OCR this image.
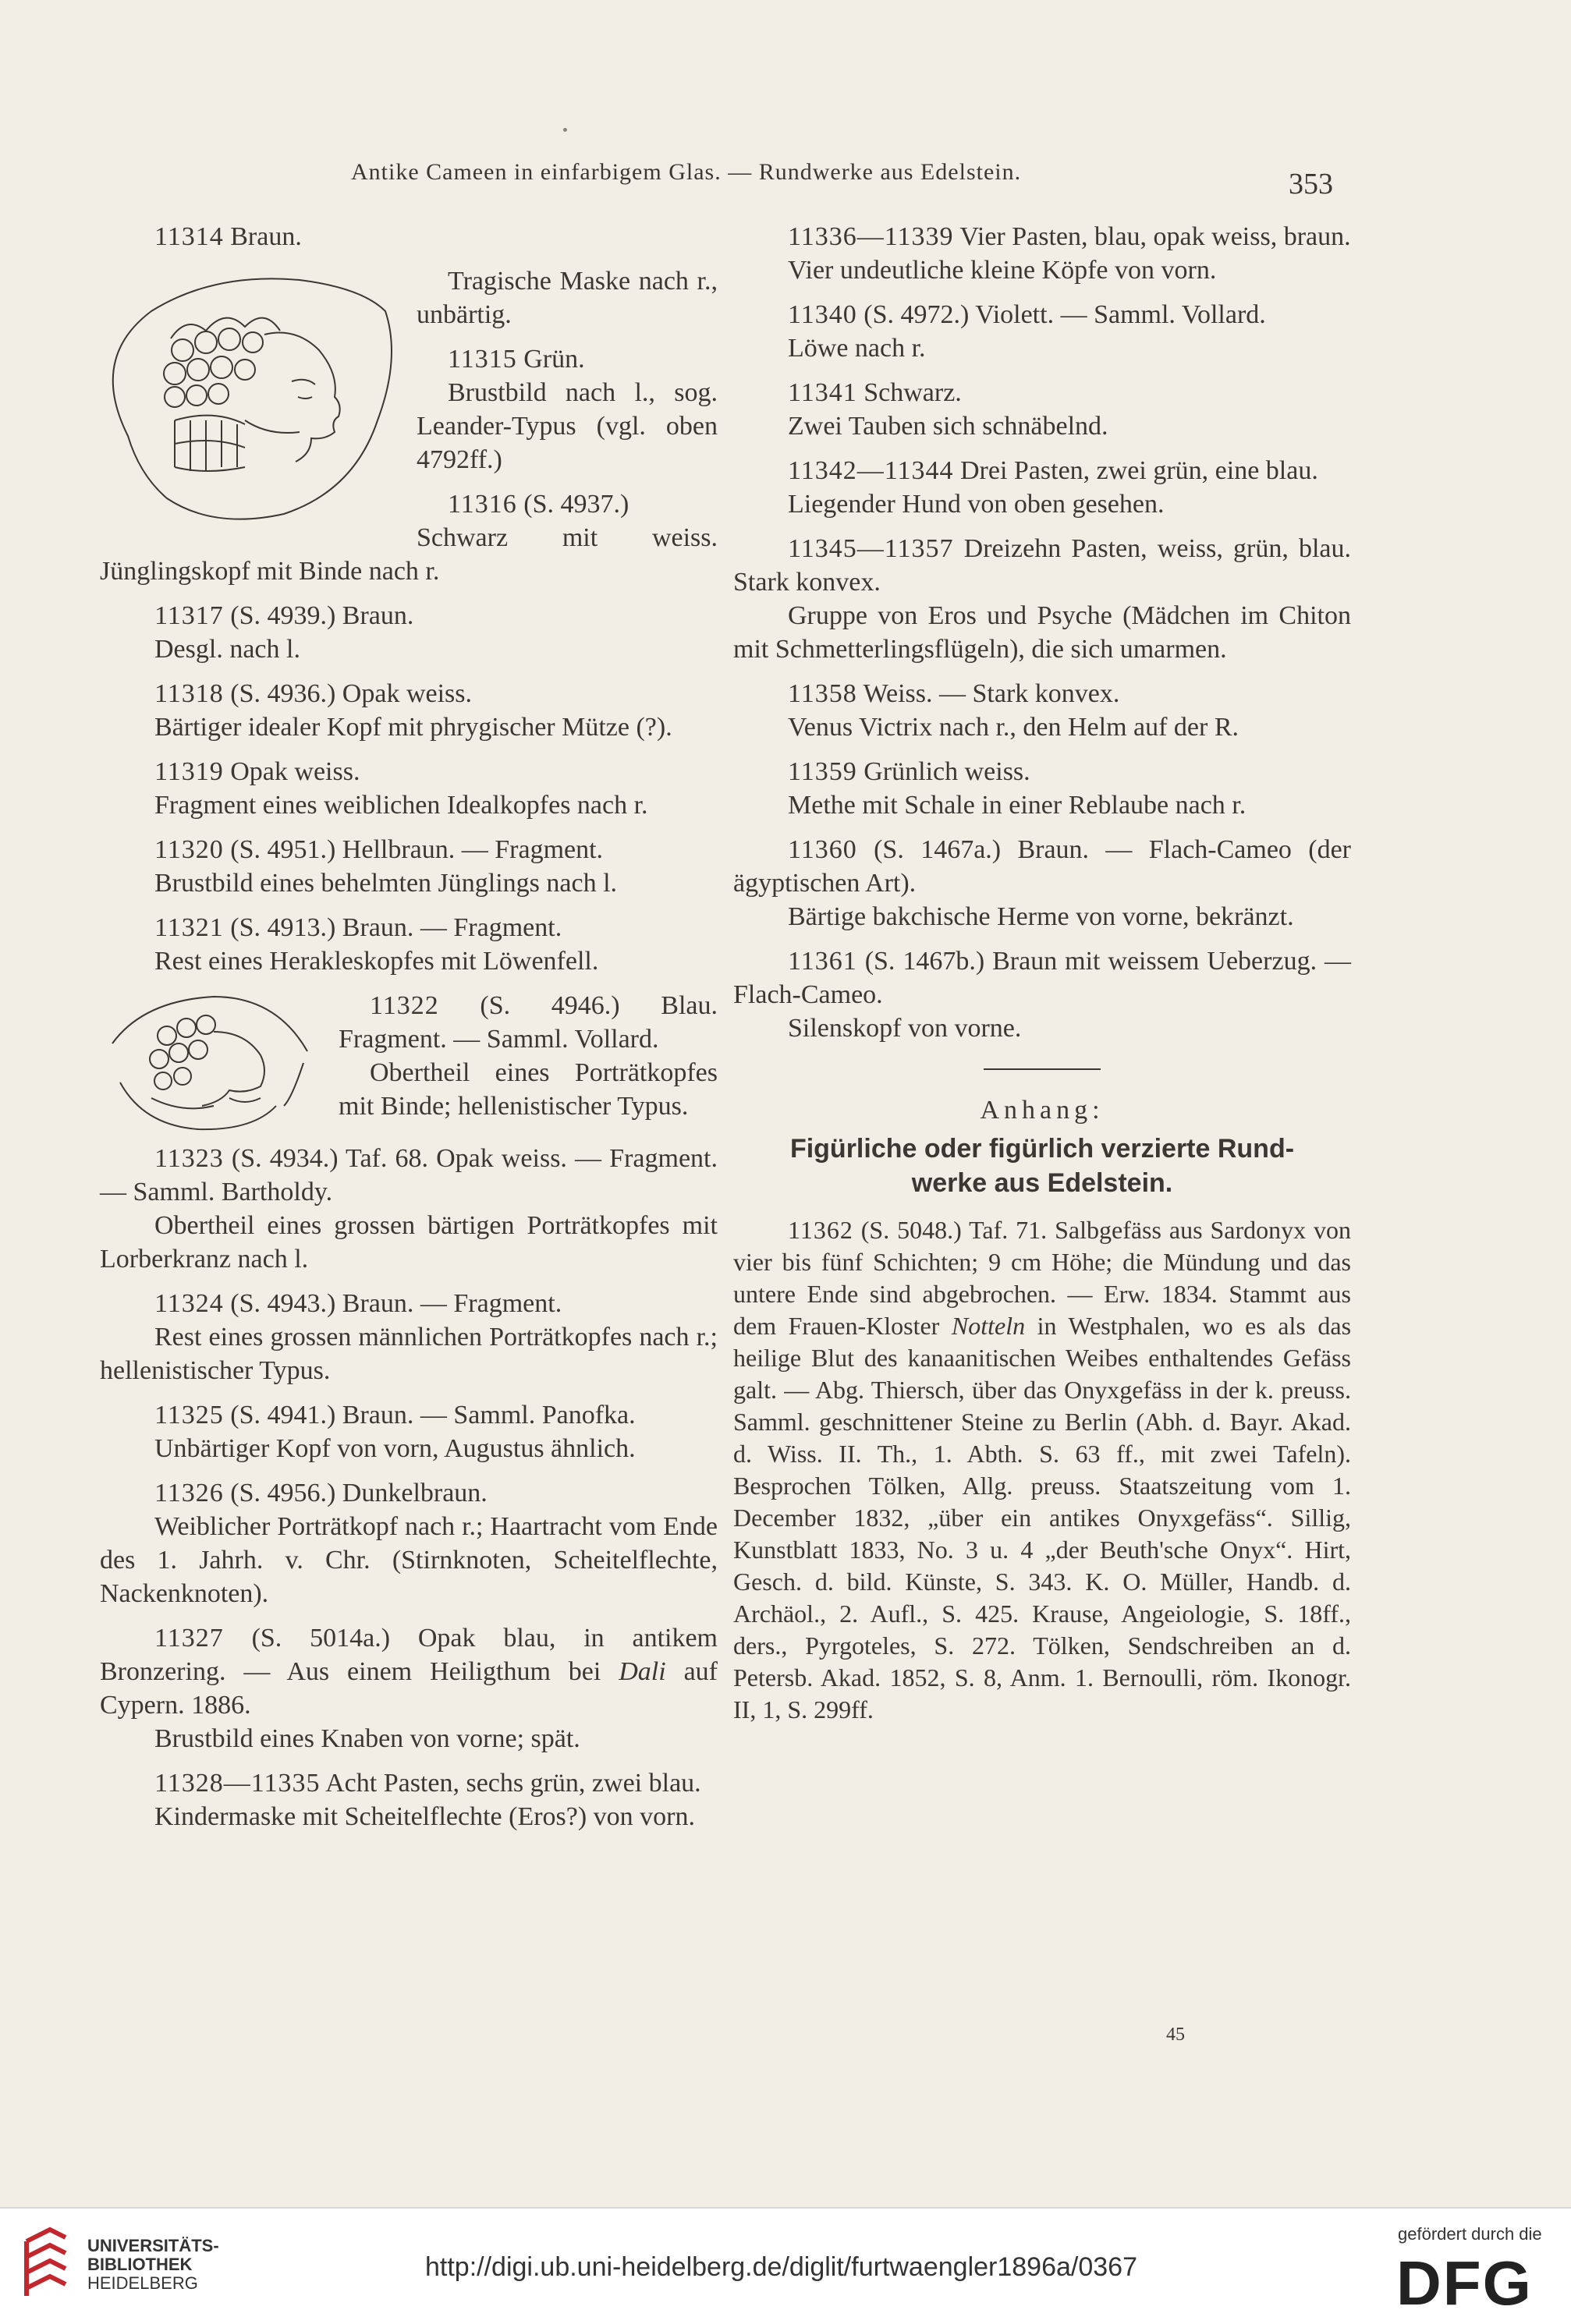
Antike Cameen in einfarbigem Glas. — Rundwerke aus Edelstein.	353

11314 Braun.

Tragische Maske nach r., unbärtig.

11315 Grün.

Brustbild nach l., sog. Leander-Typus (vgl. oben 4792ff.)

11316 (S. 4937.)

Schwarz mit weiss. Jünglingskopf mit Binde nach r.

11317 (S. 4939.) Braun.

Desgl. nach l.

11318 (S. 4936.) Opak weiss.

Bärtiger idealer Kopf mit phrygischer Mütze (?).

11319 Opak weiss.

Fragment eines weiblichen Idealkopfes nach r.

11320 (S. 4951.) Hellbraun. — Fragment.

Brustbild eines behelmten Jünglings nach l.

11321 (S. 4913.) Braun. — Fragment.

Rest eines Herakleskopfes mit Löwenfell.

11322 (S. 4946.) Blau. Fragment. — Samml. Vollard.

Obertheil eines Porträtkopfes mit Binde; hellenistischer Typus.

11323 (S. 4934.) Taf. 68. Opak weiss. — Fragment. — Samml. Bartholdy.

Obertheil eines grossen bärtigen Porträtkopfes mit Lorberkranz nach l.

11324 (S. 4943.) Braun. — Fragment.

Rest eines grossen männlichen Porträtkopfes nach r.; hellenistischer Typus.

11325 (S. 4941.) Braun. — Samml. Panofka.

Unbärtiger Kopf von vorn, Augustus ähnlich.

11326 (S. 4956.) Dunkelbraun.

Weiblicher Porträtkopf nach r.; Haartracht vom Ende des 1. Jahrh. v. Chr. (Stirnknoten, Scheitelflechte, Nackenknoten).

11327 (S. 5014a.) Opak blau, in antikem Bronzering. — Aus einem Heiligthum bei Dali auf Cypern. 1886.

Brustbild eines Knaben von vorne; spät.

11328—11335 Acht Pasten, sechs grün, zwei blau.

Kindermaske mit Scheitelflechte (Eros?) von vorn.

11336—11339 Vier Pasten, blau, opak weiss, braun.

Vier undeutliche kleine Köpfe von vorn.

11340 (S. 4972.) Violett. — Samml. Vollard.

Löwe nach r.

11341 Schwarz.

Zwei Tauben sich schnäbelnd.

11342—11344 Drei Pasten, zwei grün, eine blau.

Liegender Hund von oben gesehen.

11345—11357 Dreizehn Pasten, weiss, grün, blau. Stark konvex.

Gruppe von Eros und Psyche (Mädchen im Chiton mit Schmetterlingsflügeln), die sich umarmen.

11358 Weiss. — Stark konvex.

Venus Victrix nach r., den Helm auf der R.

11359 Grünlich weiss.

Methe mit Schale in einer Reblaube nach r.

11360 (S. 1467a.) Braun. — Flach-Cameo (der ägyptischen Art).

Bärtige bakchische Herme von vorne, bekränzt.

11361 (S. 1467b.) Braun mit weissem Ueberzug. — Flach-Cameo.

Silenskopf von vorne.

Anhang:
Figürliche oder figürlich verzierte Rund-
werke aus Edelstein.

11362 (S. 5048.) Taf. 71. Salbgefäss aus Sardonyx von vier bis fünf Schichten; 9 cm Höhe; die Mündung und das untere Ende sind abgebrochen. — Erw. 1834. Stammt aus dem Frauen-Kloster Notteln in Westphalen, wo es als das heilige Blut des kanaanitischen Weibes enthaltendes Gefäss galt. — Abg. Thiersch, über das Onyxgefäss in der k. preuss. Samml. geschnittener Steine zu Berlin (Abh. d. Bayr. Akad. d. Wiss. II. Th., 1. Abth. S. 63 ff., mit zwei Tafeln). Besprochen Tölken, Allg. preuss. Staatszeitung vom 1. December 1832, „über ein antikes Onyxgefäss“. Sillig, Kunstblatt 1833, No. 3 u. 4 „der Beuth'sche Onyx“. Hirt, Gesch. d. bild. Künste, S. 343. K. O. Müller, Handb. d. Archäol., 2. Aufl., S. 425. Krause, Angeiologie, S. 18ff., ders., Pyrgoteles, S. 272. Tölken, Sendschreiben an d. Petersb. Akad. 1852, S. 8, Anm. 1. Bernoulli, röm. Ikonogr. II, 1, S. 299ff.

45
UNIVERSITÄTS-
BIBLIOTHEK
HEIDELBERG
http://digi.ub.uni-heidelberg.de/diglit/furtwaengler1896a/0367
gefördert durch die
DFG
